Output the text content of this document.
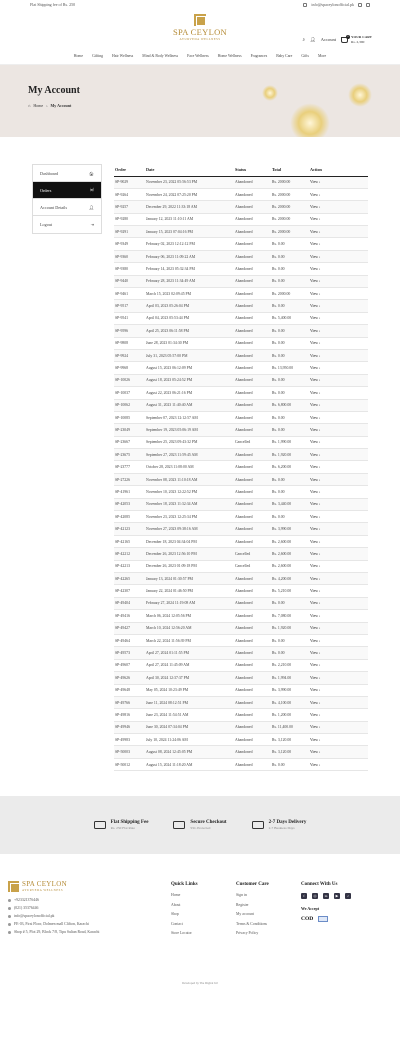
Flat Shipping fee of Rs. 250	info@spaceylonofficial.pk
SPA CEYLON
AYURVEDA WELLNESS	⌕ 👤︎ Account
0 YOUR CART
Rs. 2,390
Home Gifting Hair Wellness Mind & Body Wellness Face Wellness Home Wellness Fragrances Baby Care Gifts More
My Account
⌂ Home › My Account
Dashboard	🏠︎
Orders	🗐
Account Details	👤︎
Logout	⇥
Order	Date	Status	Total	Action
SP-9029	November 23, 2022 05:56:53 PM	Abandoned	Rs. 2000.00	View ›
SP-9264	November 24, 2022 07:25:20 PM	Abandoned	Rs. 2000.00	View ›
SP-9257	December 29, 2022 11:33:18 AM	Abandoned	Rs. 2000.00	View ›
SP-9280	January 12, 2023 11:10:11 AM	Abandoned	Rs. 2000.00	View ›
SP-9291	January 15, 2023 07:04:16 PM	Abandoned	Rs. 2000.00	View ›
SP-9349	February 02, 2023 12:12:12 PM	Abandoned	Rs. 0.00	View ›
SP-9360	February 06, 2023 11:09:22 AM	Abandoned	Rs. 0.00	View ›
SP-9380	February 14, 2023 05:32:34 PM	Abandoned	Rs. 0.00	View ›
SP-9440	February 28, 2023 11:34:49 AM	Abandoned	Rs. 0.00	View ›
SP-9461	March 15, 2023 02:09:45 PM	Abandoned	Rs. 2000.00	View ›
SP-9517	April 03, 2023 05:26:04 PM	Abandoned	Rs. 0.00	View ›
SP-9541	April 04, 2023 05:53:44 PM	Abandoned	Rs. 5,400.00	View ›
SP-9596	April 25, 2023 06:11:58 PM	Abandoned	Rs. 0.00	View ›
SP-9808	June 28, 2023 01:34:30 PM	Abandoned	Rs. 0.00	View ›
SP-9924	July 31, 2023 05:57:00 PM	Abandoned	Rs. 0.00	View ›
SP-9968	August 15, 2023 06:12:09 PM	Abandoned	Rs. 13,950.00	View ›
SP-10026	August 18, 2023 05:24:52 PM	Abandoned	Rs. 0.00	View ›
SP-10037	August 22, 2023 06:21:16 PM	Abandoned	Rs. 0.00	View ›
SP-10062	August 31, 2023 11:40:40 AM	Abandoned	Rs. 6,800.00	View ›
SP-10085	September 07, 2023 12:12:57 AM	Abandoned	Rs. 0.00	View ›
SP-23049	September 19, 2023 05:06:19 AM	Abandoned	Rs. 0.00	View ›
SP-23667	September 25, 2023 09:43:32 PM	Cancelled	Rs. 1,990.00	View ›
SP-23675	September 27, 2023 11:59:45 AM	Abandoned	Rs. 1,920.00	View ›
SP-23777	October 28, 2023 11:08:00 AM	Abandoned	Rs. 6,200.00	View ›
SP-27226	November 08, 2023 11:10:18 AM	Abandoned	Rs. 0.00	View ›
SP-41961	November 10, 2023 12:22:52 PM	Abandoned	Rs. 0.00	View ›
SP-42053	November 18, 2023 11:32:34 AM	Abandoned	Rs. 3,440.00	View ›
SP-42085	November 23, 2023 12:25:34 PM	Abandoned	Rs. 0.00	View ›
SP-42123	November 27, 2023 09:38:16 AM	Abandoned	Rs. 3,990.00	View ›
SP-42165	December 18, 2023 04:34:04 PM	Abandoned	Rs. 2,600.00	View ›
SP-42212	December 26, 2023 12:56:10 PM	Cancelled	Rs. 2,600.00	View ›
SP-42213	December 26, 2023 01:09:18 PM	Cancelled	Rs. 2,600.00	View ›
SP-42265	January 13, 2024 01:30:57 PM	Abandoned	Rs. 4,200.00	View ›
SP-42307	January 22, 2024 01:46:50 PM	Abandoned	Rs. 5,210.00	View ›
SP-49404	February 27, 2024 11:19:08 AM	Abandoned	Rs. 0.00	View ›
SP-49416	March 06, 2024 12:05:56 PM	Abandoned	Rs. 7,080.00	View ›
SP-49427	March 10, 2024 12:56:20 AM	Abandoned	Rs. 1,920.00	View ›
SP-49464	March 22, 2024 11:56:39 PM	Abandoned	Rs. 0.00	View ›
SP-49573	April 27, 2024 01:11:55 PM	Abandoned	Rs. 0.00	View ›
SP-49607	April 27, 2024 11:45:09 AM	Abandoned	Rs. 2,210.00	View ›
SP-49626	April 30, 2024 12:37:37 PM	Abandoned	Rs. 1,994.00	View ›
SP-49648	May 05, 2024 10:23:49 PM	Abandoned	Rs. 3,990.00	View ›
SP-49766	June 11, 2024 08:12:51 PM	Abandoned	Rs. 4,100.00	View ›
SP-49816	June 23, 2024 11:54:51 AM	Abandoned	Rs. 1,200.00	View ›
SP-49946	June 30, 2024 07:34:04 PM	Abandoned	Rs. 11,400.00	View ›
SP-49983	July 10, 2024 11:24:06 AM	Abandoned	Rs. 3,120.00	View ›
SP-50003	August 08, 2024 12:45:05 PM	Abandoned	Rs. 3,120.00	View ›
SP-50012	August 15, 2024 11:18:20 AM	Abandoned	Rs. 0.00	View ›
Flat Shipping Fee
Rs. 250 Flat Rate
Secure Checkout
SSL Protected
2-7 Days Delivery
2-7 Business Days
SPA CEYLON
AYURVEDA WELLNESS
+923321376446
(021) 35376446
info@spaceylonofficial.pk
FE-03, First Floor, Dolmen mall Clifton, Karachi
Shop # 5, Plot 29, Block 7/8, Tipu Sultan Road, Karachi
Quick Links
Home
About
Shop
Contact
Store Locator
Customer Care
Sign in
Register
My account
Terms & Conditions
Privacy Policy
Connect With Us
f	◎	in	▶	♪
We Accept
COD
Developed by The Digital 6.0
